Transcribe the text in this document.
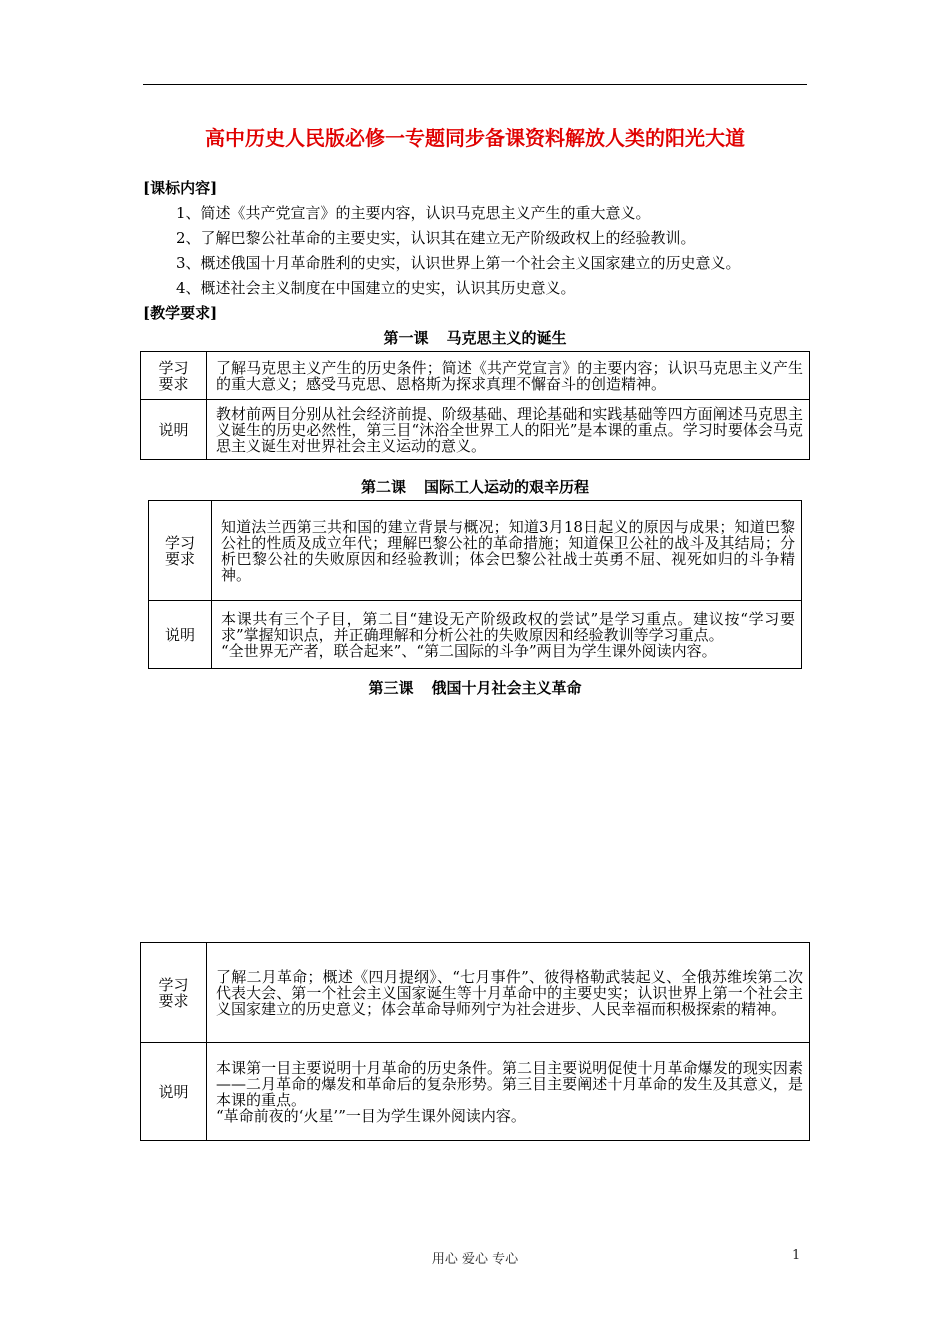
高中历史人民版必修一专题同步备课资料解放人类的阳光大道
[课标内容]
1、简述《共产党宣言》的主要内容，认识马克思主义产生的重大意义。
2、了解巴黎公社革命的主要史实，认识其在建立无产阶级政权上的经验教训。
3、概述俄国十月革命胜利的史实，认识世界上第一个社会主义国家建立的历史意义。
4、概述社会主义制度在中国建立的史实，认识其历史意义。
[教学要求]
第一课 马克思主义的诞生
学习要求	了解马克思主义产生的历史条件；简述《共产党宣言》的主要内容；认识马克思主义产生的重大意义；感受马克思、恩格斯为探求真理不懈奋斗的创造精神。
说明	教材前两目分别从社会经济前提、阶级基础、理论基础和实践基础等四方面阐述马克思主义诞生的历史必然性，第三目“沐浴全世界工人的阳光”是本课的重点。学习时要体会马克思主义诞生对世界社会主义运动的意义。
第二课 国际工人运动的艰辛历程
学习要求	知道法兰西第三共和国的建立背景与概况；知道3月18日起义的原因与成果；知道巴黎公社的性质及成立年代；理解巴黎公社的革命措施；知道保卫公社的战斗及其结局；分析巴黎公社的失败原因和经验教训；体会巴黎公社战士英勇不屈、视死如归的斗争精神。
说明	本课共有三个子目，第二目“建设无产阶级政权的尝试”是学习重点。建议按“学习要求”掌握知识点，并正确理解和分析公社的失败原因和经验教训等学习重点。
“全世界无产者，联合起来”、“第二国际的斗争”两目为学生课外阅读内容。
第三课 俄国十月社会主义革命
学习要求	了解二月革命；概述《四月提纲》、“七月事件”、彼得格勒武装起义、全俄苏维埃第二次代表大会、第一个社会主义国家诞生等十月革命中的主要史实；认识世界上第一个社会主义国家建立的历史意义；体会革命导师列宁为社会进步、人民幸福而积极探索的精神。
说明	本课第一目主要说明十月革命的历史条件。第二目主要说明促使十月革命爆发的现实因素——二月革命的爆发和革命后的复杂形势。第三目主要阐述十月革命的发生及其意义，是本课的重点。
“革命前夜的‘火星’”一目为学生课外阅读内容。
用心 爱心 专心	1
